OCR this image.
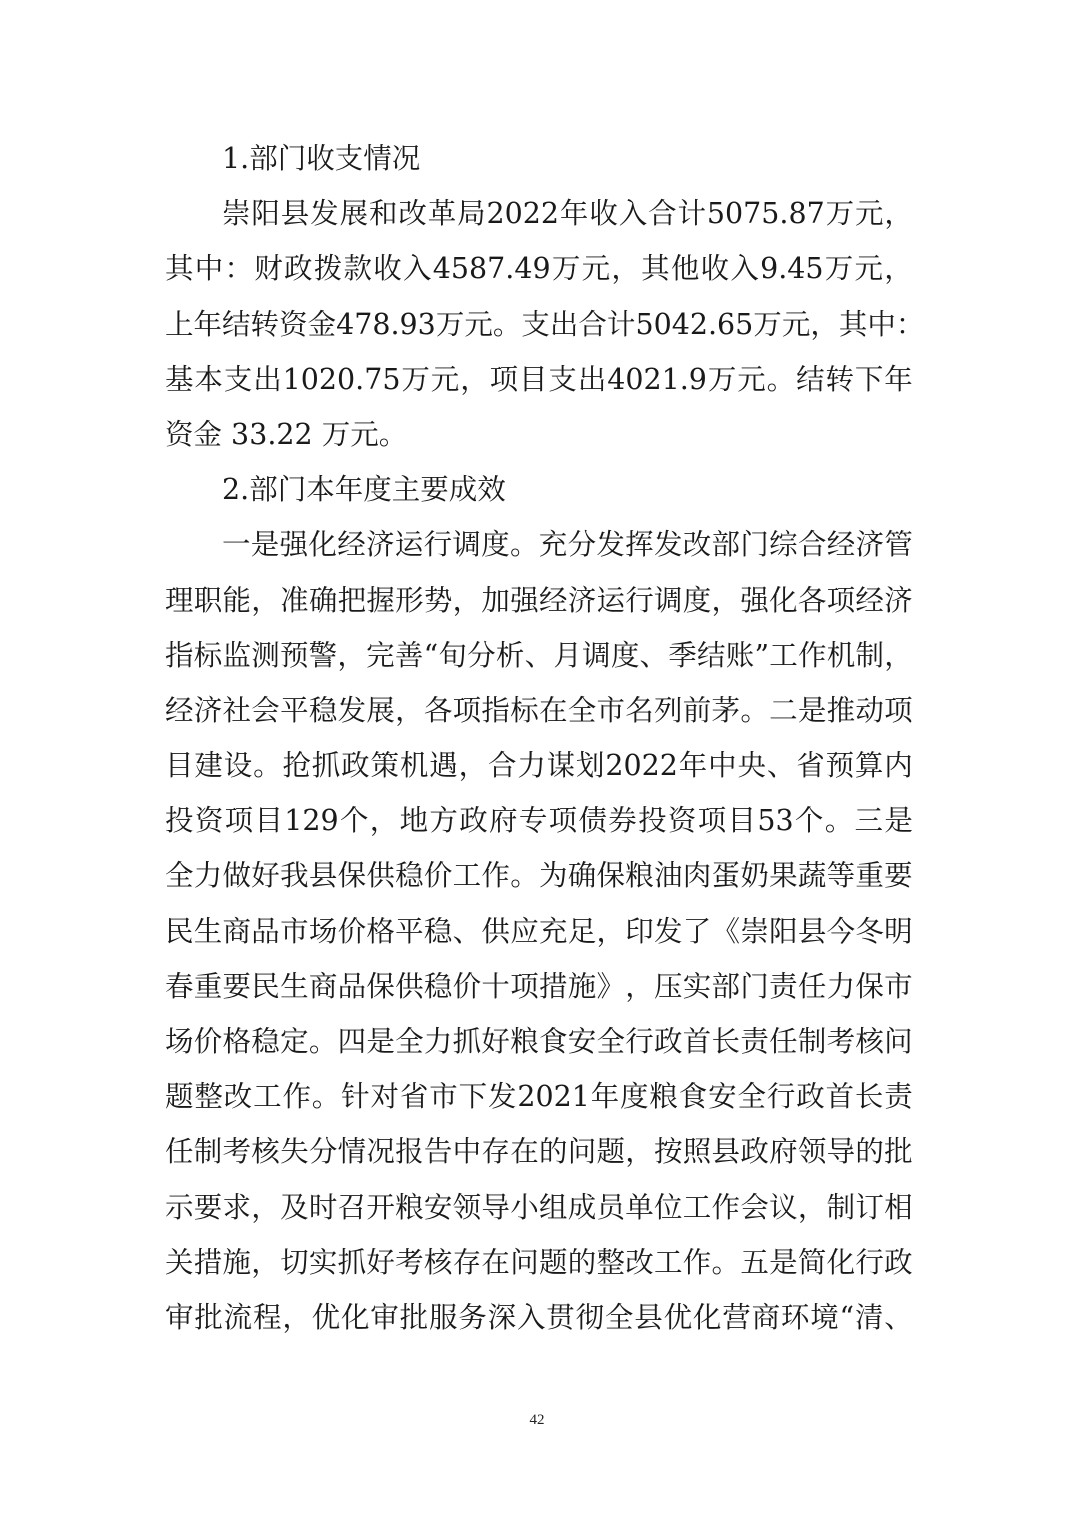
1.部门收支情况
崇 阳 县 发 展 和 改 革 局 2022 年 收 入 合 计 5075.87 万 元 ，
其 中 ： 财 政 拨 款 收 入 4587.49 万 元 ， 其 他 收 入 9.45 万 元 ，
上 年 结 转 资 金 478.93 万 元 。 支 出 合 计 5042.65 万 元 ， 其 中 ：
基 本 支 出 1020.75 万 元 ， 项 目 支 出 4021.9 万 元 。 结 转 下 年
资金 33.22 万元。
2.部门本年度主要成效
一 是 强 化 经 济 运 行 调 度 。 充 分 发 挥 发 改 部 门 综 合 经 济 管
理 职 能 ， 准 确 把 握 形 势 ， 加 强 经 济 运 行 调 度 ， 强 化 各 项 经 济
指 标 监 测 预 警 ， 完 善 “ 旬 分 析 、 月 调 度 、 季 结 账 ” 工 作 机 制 ，
经 济 社 会 平 稳 发 展 ， 各 项 指 标 在 全 市 名 列 前 茅 。 二 是 推 动 项
目 建 设 。 抢 抓 政 策 机 遇 ， 合 力 谋 划 2022 年 中 央 、 省 预 算 内
投 资 项 目 129 个 ， 地 方 政 府 专 项 债 券 投 资 项 目 53 个 。 三 是
全 力 做 好 我 县 保 供 稳 价 工 作 。 为 确 保 粮 油 肉 蛋 奶 果 蔬 等 重 要
民 生 商 品 市 场 价 格 平 稳 、 供 应 充 足 ， 印 发 了 《 崇 阳 县 今 冬 明
春 重 要 民 生 商 品 保 供 稳 价 十 项 措 施 》 ， 压 实 部 门 责 任 力 保 市
场 价 格 稳 定 。 四 是 全 力 抓 好 粮 食 安 全 行 政 首 长 责 任 制 考 核 问
题 整 改 工 作 。 针 对 省 市 下 发 2021 年 度 粮 食 安 全 行 政 首 长 责
任 制 考 核 失 分 情 况 报 告 中 存 在 的 问 题 ， 按 照 县 政 府 领 导 的 批
示 要 求 ， 及 时 召 开 粮 安 领 导 小 组 成 员 单 位 工 作 会 议 ， 制 订 相
关 措 施 ， 切 实 抓 好 考 核 存 在 问 题 的 整 改 工 作 。 五 是 简 化 行 政
审 批 流 程 ， 优 化 审 批 服 务 深 入 贯 彻 全 县 优 化 营 商 环 境 “ 清 、
42
